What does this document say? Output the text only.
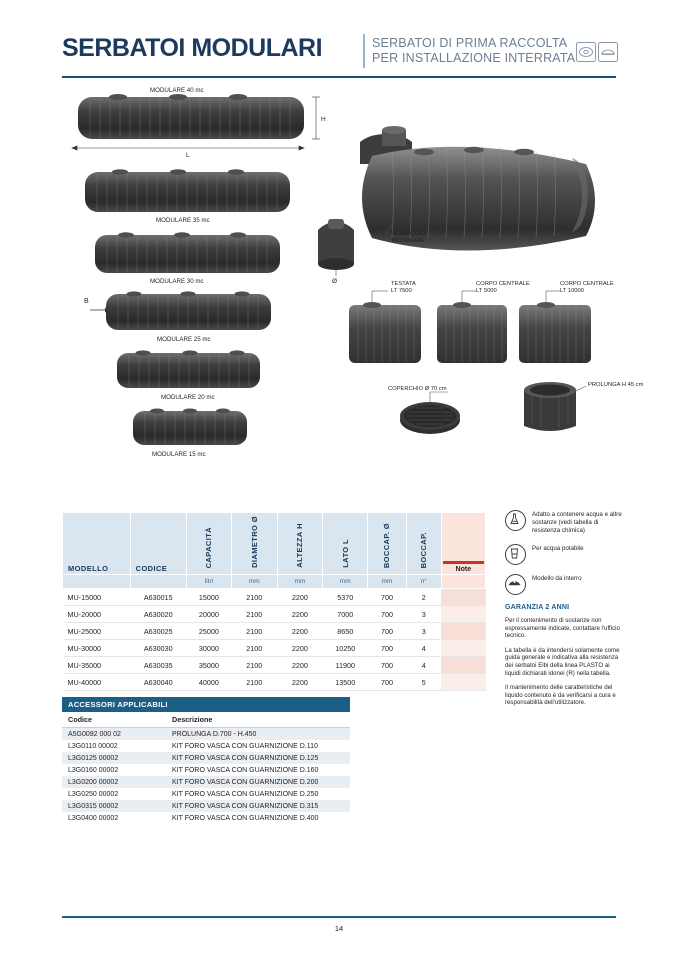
SERBATOI MODULARI	SERBATOI DI PRIMA RACCOLTA
PER INSTALLAZIONE INTERRATA
H
L
MODULARE 40 mc
MODULARE 35 mc
MODULARE 30 mc
B
MODULARE 25 mc
MODULARE 20 mc
MODULARE 15 mc
SERBATOIO
MODULARE
Ø	TESTATA
LT 7500
CORPO CENTRALE
LT 5000
CORPO CENTRALE
LT 10000
COPERCHIO Ø 70 cm
PROLUNGA H 45 cm
MODELLO	CODICE	CAPACITÀ	DIAMETRO Ø	ALTEZZA H	LATO L	BOCCAP. Ø	BOCCAP.	Note

		litri	mm	mm	mm	mm	n°	
MU-15000	A630015	15000	2100	2200	5370	700	2	
MU-20000	A630020	20000	2100	2200	7000	700	3	
MU-25000	A630025	25000	2100	2200	8650	700	3	
MU-30000	A630030	30000	2100	2200	10250	700	4	
MU-35000	A630035	35000	2100	2200	11900	700	4	
MU-40000	A630040	40000	2100	2200	13500	700	5	
ACCESSORI APPLICABILI
Codice	Descrizione
A5G0092 000 02	PROLUNGA D.700 - H.450
L3G0110 00002	KIT FORO VASCA CON GUARNIZIONE D.110
L3G0125 00002	KIT FORO VASCA CON GUARNIZIONE D.125
L3G0160 00002	KIT FORO VASCA CON GUARNIZIONE D.160
L3G0200 00002	KIT FORO VASCA CON GUARNIZIONE D.200
L3G0250 00002	KIT FORO VASCA CON GUARNIZIONE D.250
L3G0315 00002	KIT FORO VASCA CON GUARNIZIONE D.315
L3G0400 00002	KIT FORO VASCA CON GUARNIZIONE D.400
Adatto a contenere acqua e altre sostanze (vedi tabella di resistenza chimica)
Per acqua potabile
Modello da interro
GARANZIA 2 ANNI
Per il contenimento di sostanze non espressamente indicate, contattare l'ufficio tecnico.
La tabella è da intendersi solamente come guida generale e indicativa alla resistenza dei serbatoi Elbi della linea PLASTO ai liquidi dichiarati idonei (R) nella tabella.
Il mantenimento delle caratteristiche del liquido contenuto è da verificarsi a cura e responsabilità dell'utilizzatore.
14
